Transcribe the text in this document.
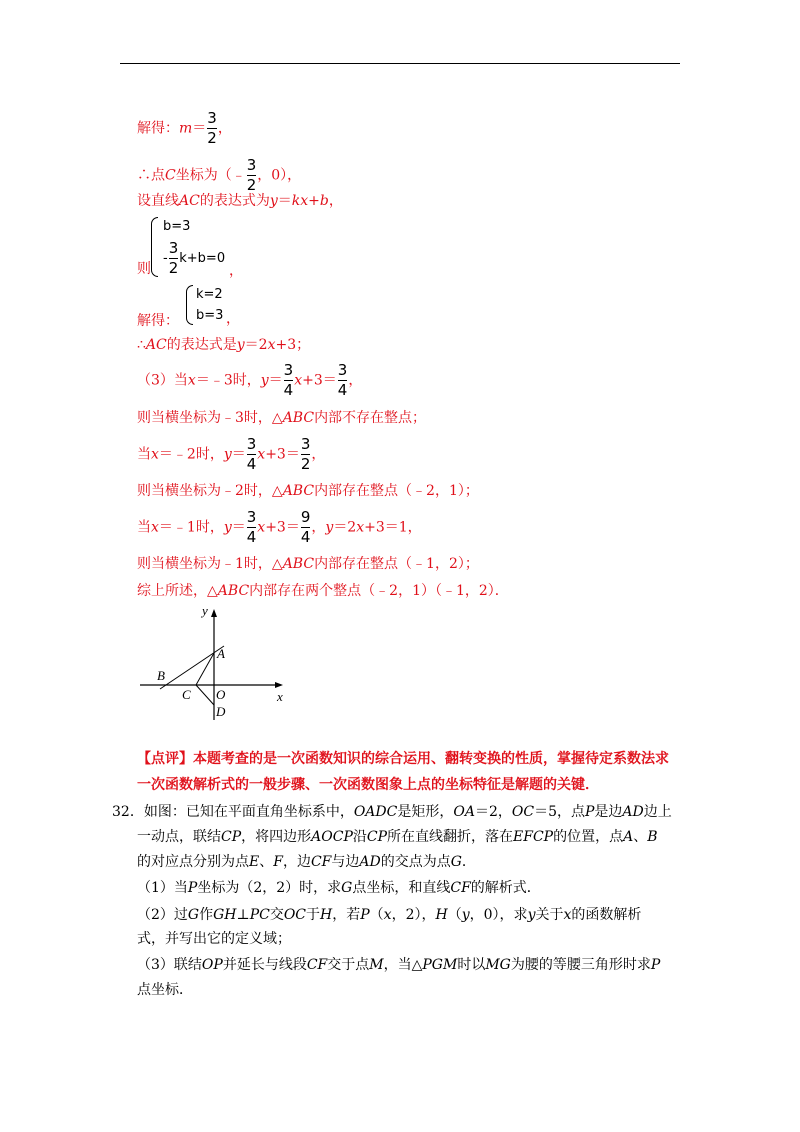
解得：$m= \frac{3}{2}$ ，
∴点C坐标为（﹣ $\frac{3}{2}$ ，0），
设直线AC的表达式为y＝kx+b，
则
b=3
- $\frac{3}{2} k+b=0$
，
解得：
k=2
b=3 ，
∴AC的表达式是y＝2x+3；
（3）当x＝﹣3时，$y= \frac{3}{4} x+3= \frac{3}{4}$ ，
则当横坐标为﹣3时，△ABC内部不存在整点；
当x＝﹣2时，$y= \frac{3}{4} x+3= \frac{3}{2}$ ，
则当横坐标为﹣2时，△ABC内部存在整点（﹣2，1）；
当x＝﹣1时，$y= \frac{3}{4} x+3= \frac{9}{4}$ ，y＝2x+3＝1，
则当横坐标为﹣1时，△ABC内部存在整点（﹣1，2）；
综上所述，△ABC内部存在两个整点（﹣2，1）（﹣1，2）．
y
x
A
B
C O
D
【点评】本题考查的是一次函数知识的综合运用、翻转变换的性质，掌握待定系数法求
一次函数解析式的一般步骤、一次函数图象上点的坐标特征是解题的关键．
32．如图：已知在平面直角坐标系中，OADC是矩形，OA＝2，OC＝5，点P是边AD边上
一动点，联结CP，将四边形AOCP沿CP所在直线翻折，落在EFCP的位置，点A、B
的对应点分别为点E、F，边CF与边AD的交点为点G．
（1）当P坐标为（2，2）时，求G点坐标，和直线CF的解析式．
（2）过G作GH⊥PC交OC于H，若P（x，2），H（y，0），求y关于x的函数解析
式，并写出它的定义域；
（3）联结OP并延长与线段CF交于点M，当△PGM时以MG为腰的等腰三角形时求P
点坐标．
